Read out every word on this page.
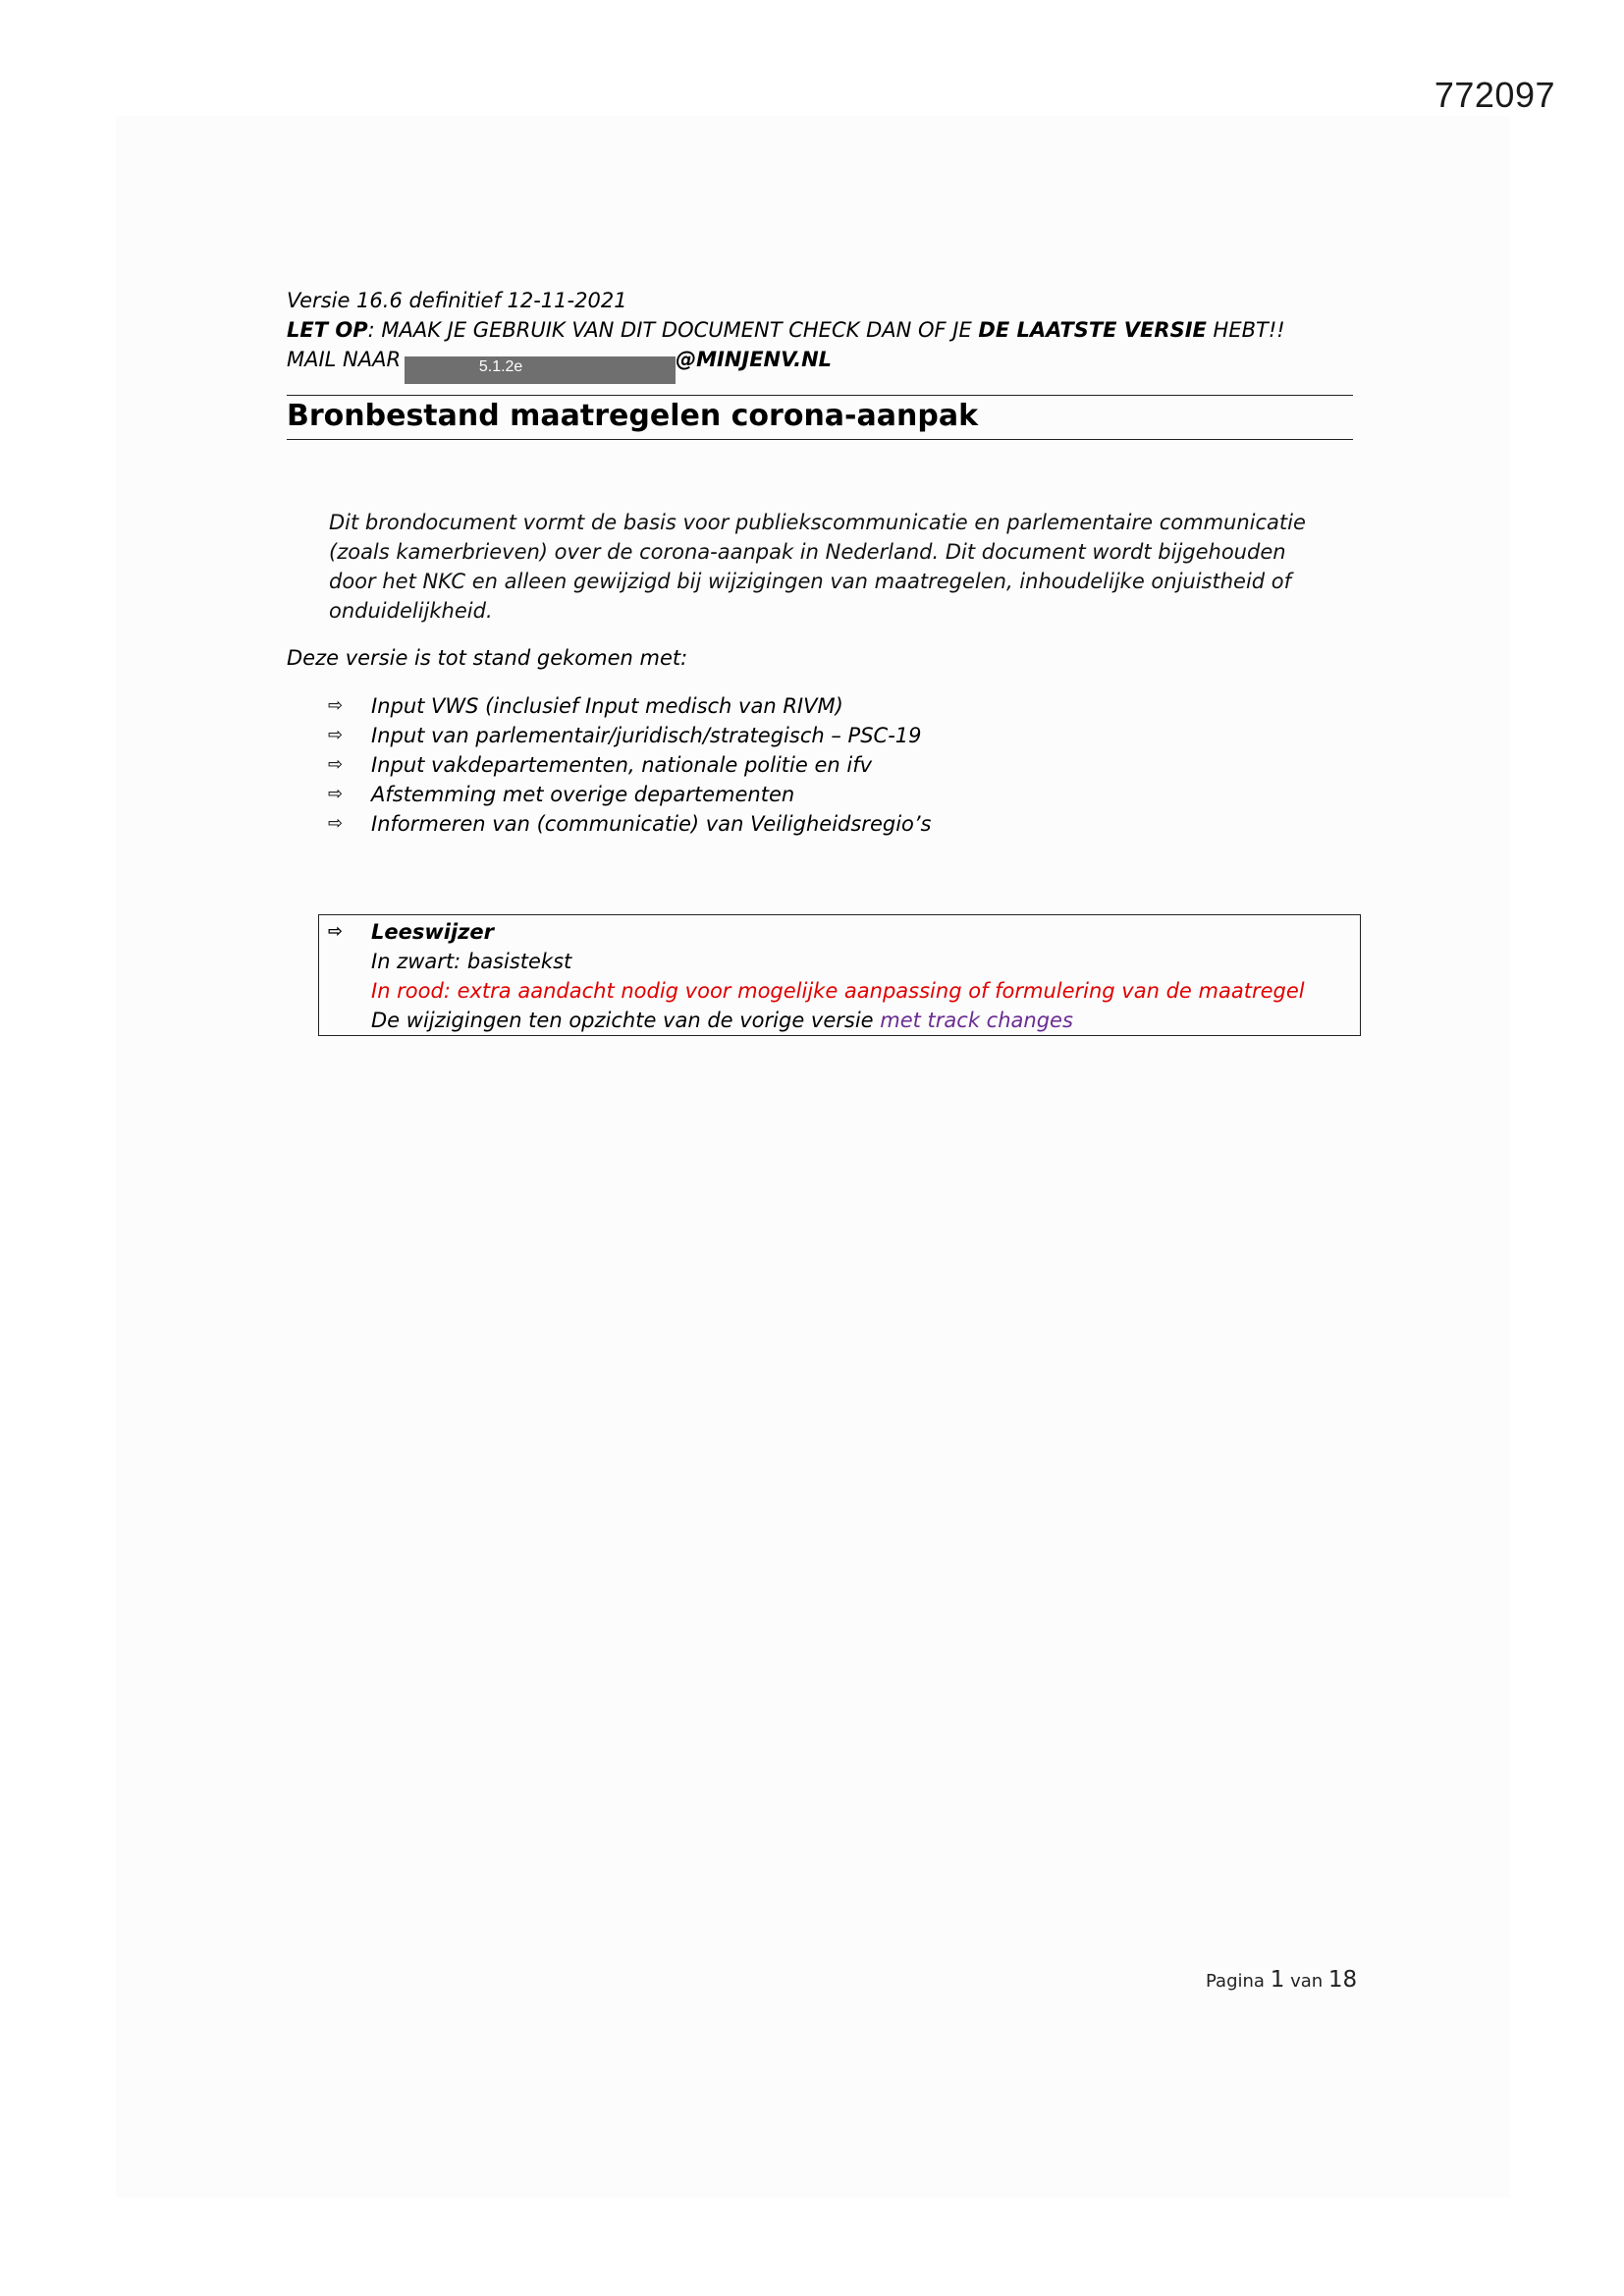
772097
Versie 16.6 definitief 12-11-2021
LET OP: MAAK JE GEBRUIK VAN DIT DOCUMENT CHECK DAN OF JE DE LAATSTE VERSIE HEBT!!
MAIL NAAR	5.1.2e	@MINJENV.NL
Bronbestand maatregelen corona-aanpak
Dit brondocument vormt de basis voor publiekscommunicatie en parlementaire communicatie
(zoals kamerbrieven) over de corona-aanpak in Nederland. Dit document wordt bijgehouden
door het NKC en alleen gewijzigd bij wijzigingen van maatregelen, inhoudelijke onjuistheid of
onduidelijkheid.
Deze versie is tot stand gekomen met:
⇨ Input VWS (inclusief Input medisch van RIVM)
⇨ Input van parlementair/juridisch/strategisch – PSC-19
⇨ Input vakdepartementen, nationale politie en ifv
⇨ Afstemming met overige departementen
⇨ Informeren van (communicatie) van Veiligheidsregio’s
⇨ Leeswijzer
In zwart: basistekst
In rood: extra aandacht nodig voor mogelijke aanpassing of formulering van de maatregel
De wijzigingen ten opzichte van de vorige versie met track changes
Pagina 1 van 18
